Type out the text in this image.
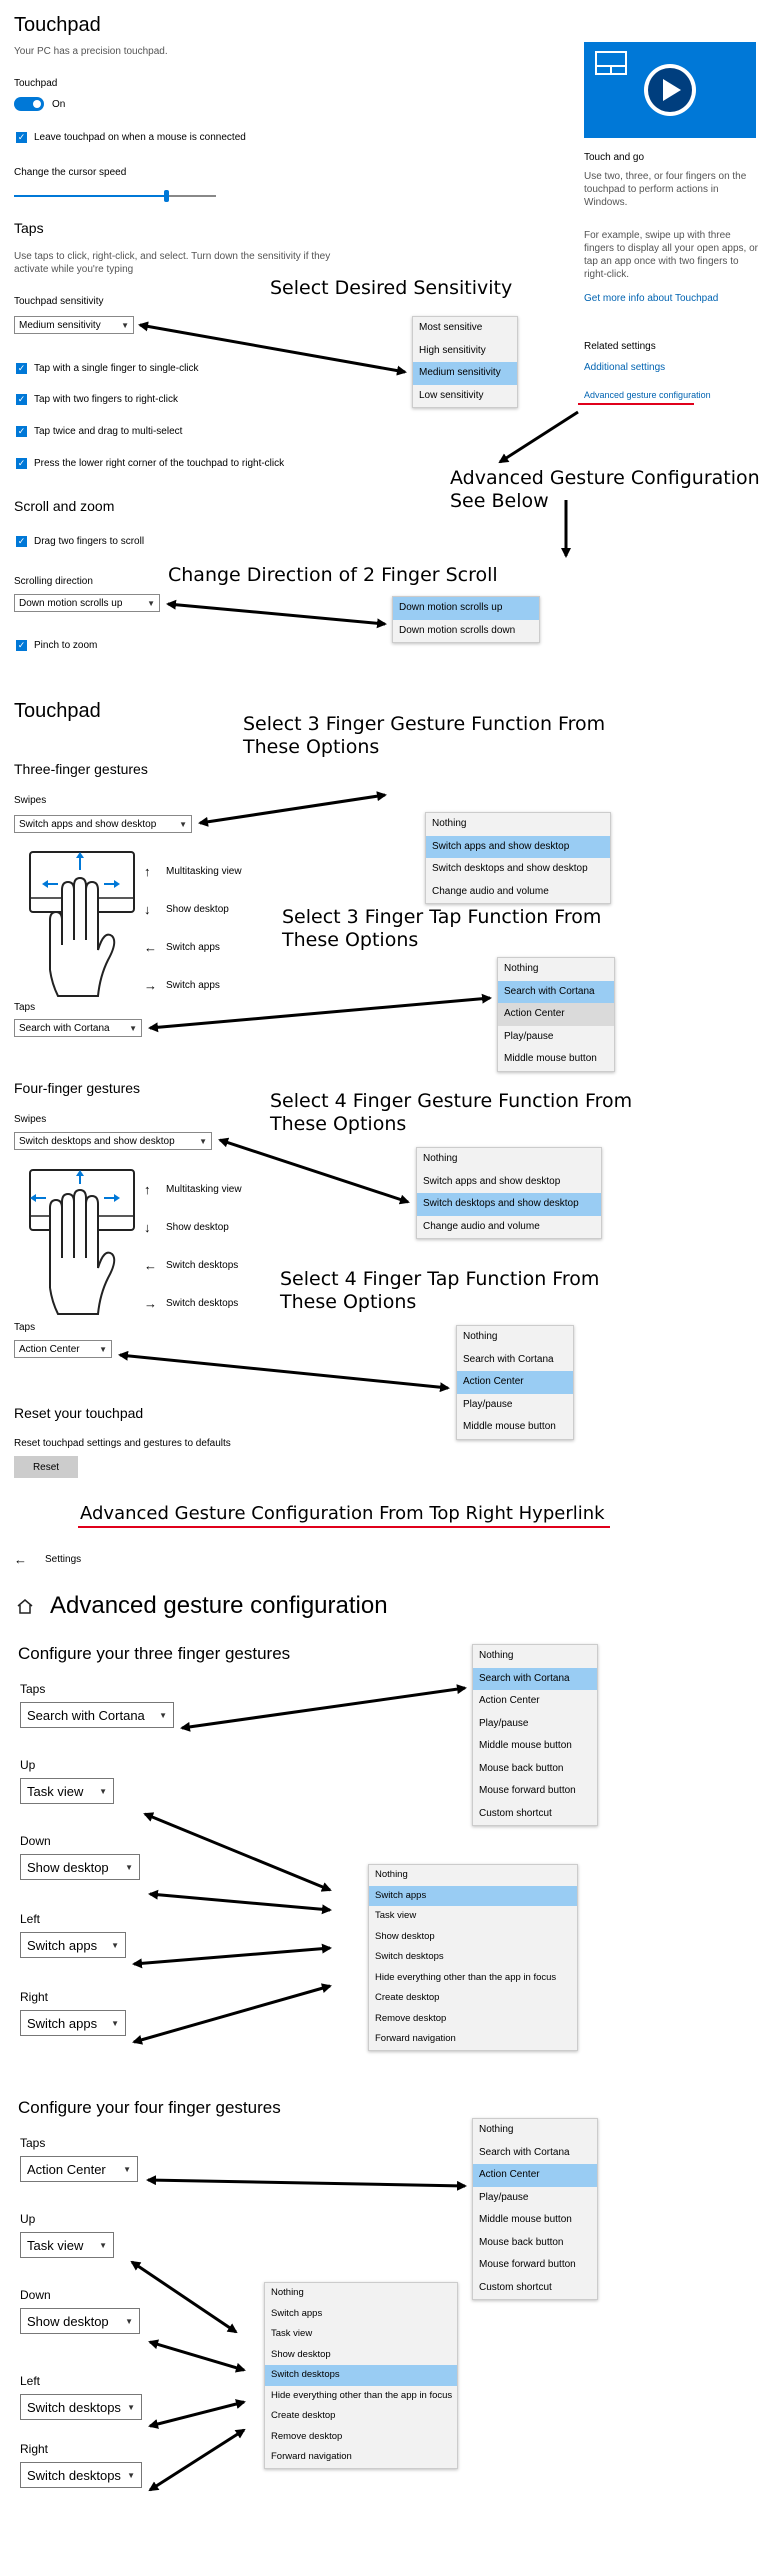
Touchpad
Your PC has a precision touchpad.
Touchpad
On
✓ Leave touchpad on when a mouse is connected
Change the cursor speed
Taps
Use taps to click, right-click, and select. Turn down the sensitivity if they activate while you're typing
Touchpad sensitivity
Medium sensitivity	▼
✓ Tap with a single finger to single-click
✓ Tap with two fingers to right-click
✓ Tap twice and drag to multi-select
✓ Press the lower right corner of the touchpad to right-click
Scroll and zoom
✓ Drag two fingers to scroll
Scrolling direction
Down motion scrolls up	▼
✓ Pinch to zoom
Most sensitive
High sensitivity
Medium sensitivity
Low sensitivity
Down motion scrolls up
Down motion scrolls down
Touch and go
Use two, three, or four fingers on the touchpad to perform actions in Windows.
For example, swipe up with three fingers to display all your open apps, or tap an app once with two fingers to right-click.
Get more info about Touchpad
Related settings
Additional settings
Advanced gesture configuration
Select Desired Sensitivity
Advanced Gesture Configuration
See Below
Change Direction of 2 Finger Scroll
Touchpad
Three-finger gestures
Swipes
Switch apps and show desktop	▼
↑	Multitasking view
↓	Show desktop
← Switch apps
→ Switch apps
Taps
Search with Cortana ▼
Nothing
Switch apps and show desktop
Switch desktops and show desktop
Change audio and volume
Nothing
Search with Cortana
Action Center
Play/pause
Middle mouse button
Four-finger gestures
Swipes
Switch desktops and show desktop	▼
↑	Multitasking view
↓	Show desktop
← Switch desktops
→ Switch desktops
Taps
Action Center ▼
Nothing
Switch apps and show desktop
Switch desktops and show desktop
Change audio and volume
Nothing
Search with Cortana
Action Center
Play/pause
Middle mouse button
Reset your touchpad
Reset touchpad settings and gestures to defaults
Reset
Select 3 Finger Gesture Function From
These Options
Select 3 Finger Tap Function From
These Options
Select 4 Finger Gesture Function From
These Options
Select 4 Finger Tap Function From
These Options
Advanced Gesture Configuration From Top Right Hyperlink
← Settings
Advanced gesture configuration
Configure your three finger gestures
Taps
Search with Cortana ▼
Up
Task view ▼
Down
Show desktop ▼
Left
Switch apps ▼
Right
Switch apps ▼
Nothing
Search with Cortana
Action Center
Play/pause
Middle mouse button
Mouse back button
Mouse forward button
Custom shortcut
Nothing
Switch apps
Task view
Show desktop
Switch desktops
Hide everything other than the app in focus
Create desktop
Remove desktop
Forward navigation
Configure your four finger gestures
Taps
Action Center ▼
Up
Task view ▼
Down
Show desktop ▼
Left
Switch desktops ▼
Right
Switch desktops ▼
Nothing
Search with Cortana
Action Center
Play/pause
Middle mouse button
Mouse back button
Mouse forward button
Custom shortcut
Nothing
Switch apps
Task view
Show desktop
Switch desktops
Hide everything other than the app in focus
Create desktop
Remove desktop
Forward navigation
